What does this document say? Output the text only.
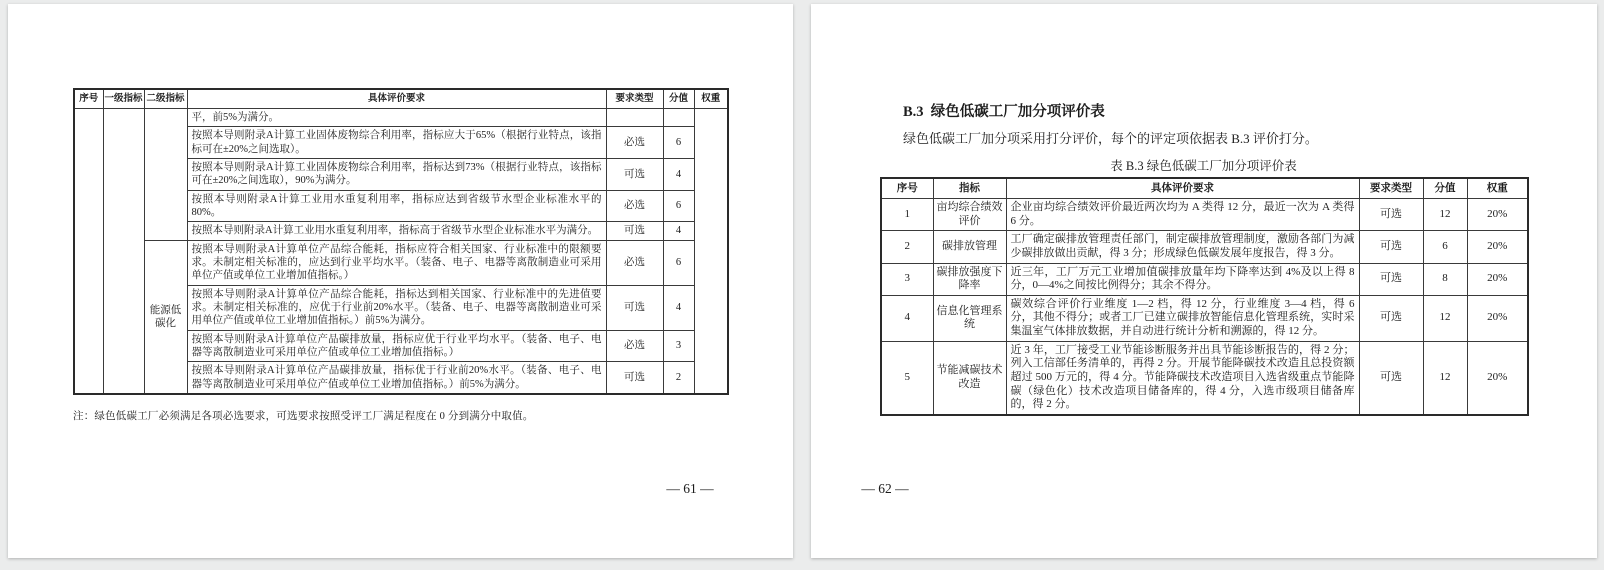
序号	一级指标	二级指标	具体评价要求	要求类型	分值	权重
			平，前5%为满分。			
			按照本导则附录A计算工业固体废物综合利用率，指标应大于65%（根据行业特点，该指标可在±20%之间选取）。	必选	6	
			按照本导则附录A计算工业固体废物综合利用率，指标达到73%（根据行业特点，该指标可在±20%之间选取），90%为满分。	可选	4	
			按照本导则附录A计算工业用水重复利用率，指标应达到省级节水型企业标准水平的80%。	必选	6	
			按照本导则附录A计算工业用水重复利用率，指标高于省级节水型企业标准水平为满分。	可选	4	
		能源低碳化	按照本导则附录A计算单位产品综合能耗，指标应符合相关国家、行业标准中的限额要求。未制定相关标准的，应达到行业平均水平。（装备、电子、电器等离散制造业可采用单位产值或单位工业增加值指标。）	必选	6	
			按照本导则附录A计算单位产品综合能耗，指标达到相关国家、行业标准中的先进值要求。未制定相关标准的，应优于行业前20%水平。（装备、电子、电器等离散制造业可采用单位产值或单位工业增加值指标。）前5%为满分。	可选	4	
			按照本导则附录A计算单位产品碳排放量，指标应优于行业平均水平。（装备、电子、电器等离散制造业可采用单位产值或单位工业增加值指标。）	必选	3	
			按照本导则附录A计算单位产品碳排放量，指标优于行业前20%水平。（装备、电子、电器等离散制造业可采用单位产值或单位工业增加值指标。）前5%为满分。	可选	2	
注：绿色低碳工厂必须满足各项必选要求，可选要求按照受评工厂满足程度在 0 分到满分中取值。
— 61 —
B.3  绿色低碳工厂加分项评价表
绿色低碳工厂加分项采用打分评价，每个的评定项依据表 B.3 评价打分。
表 B.3 绿色低碳工厂加分项评价表
序号	指标	具体评价要求	要求类型	分值	权重
1	亩均综合绩效评价	企业亩均综合绩效评价最近两次均为 A 类得 12 分，最近一次为 A 类得 6 分。	可选	12	20%
2	碳排放管理	工厂确定碳排放管理责任部门，制定碳排放管理制度，激励各部门为减少碳排放做出贡献，得 3 分；形成绿色低碳发展年度报告，得 3 分。	可选	6	20%
3	碳排放强度下降率	近三年，工厂万元工业增加值碳排放量年均下降率达到 4%及以上得 8 分，0—4%之间按比例得分；其余不得分。	可选	8	20%
4	信息化管理系统	碳效综合评价行业维度 1—2 档，得 12 分，行业维度 3—4 档，得 6 分，其他不得分；或者工厂已建立碳排放智能信息化管理系统，实时采集温室气体排放数据，并自动进行统计分析和溯源的，得 12 分。	可选	12	20%
5	节能减碳技术改造	近 3 年，工厂接受工业节能诊断服务并出具节能诊断报告的，得 2 分；列入工信部任务清单的，再得 2 分。开展节能降碳技术改造且总投资额超过 500 万元的，得 4 分。节能降碳技术改造项目入选省级重点节能降碳（绿色化）技术改造项目储备库的，得 4 分，入选市级项目储备库的，得 2 分。	可选	12	20%
— 62 —
